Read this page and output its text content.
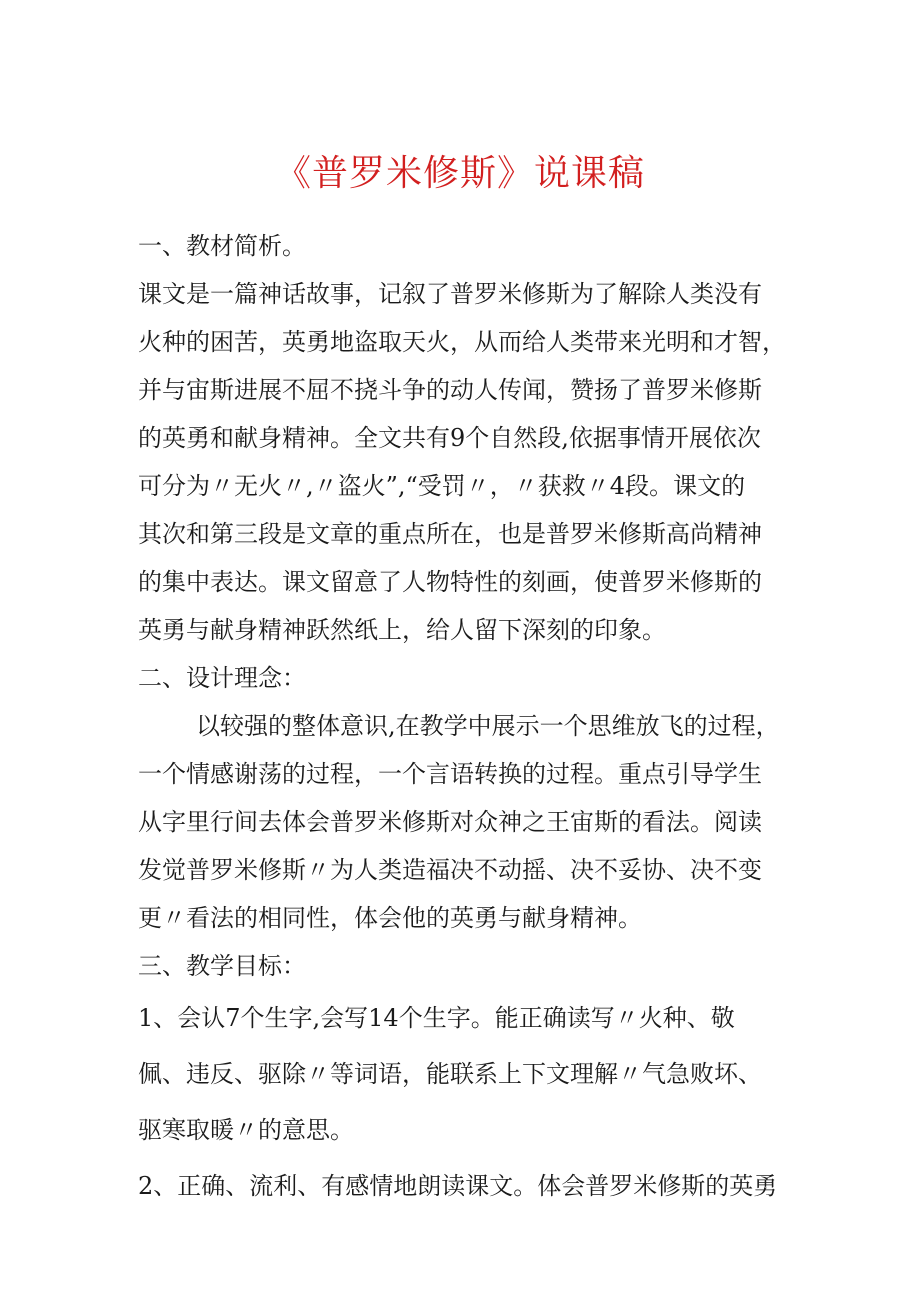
《普罗米修斯》说课稿
一、教材简析。
课文是一篇神话故事，记叙了普罗米修斯为了解除人类没有
火种的困苦，英勇地盗取天火，从而给人类带来光明和才智，
并与宙斯进展不屈不挠斗争的动人传闻，赞扬了普罗米修斯
的英勇和献身精神。全文共有9个自然段,依据事情开展依次
可分为〃无火〃,〃盗火”,“受罚〃，〃获救〃4段。课文的
其次和第三段是文章的重点所在，也是普罗米修斯高尚精神
的集中表达。课文留意了人物特性的刻画，使普罗米修斯的
英勇与献身精神跃然纸上，给人留下深刻的印象。
二、设计理念：
以较强的整体意识,在教学中展示一个思维放飞的过程，
一个情感谢荡的过程，一个言语转换的过程。重点引导学生
从字里行间去体会普罗米修斯对众神之王宙斯的看法。阅读
发觉普罗米修斯〃为人类造福决不动摇、决不妥协、决不变
更〃看法的相同性，体会他的英勇与献身精神。
三、教学目标：
1、会认7个生字,会写14个生字。能正确读写〃火种、敬
佩、违反、驱除〃等词语，能联系上下文理解〃气急败坏、
驱寒取暖〃的意思。
2、正确、流利、有感情地朗读课文。体会普罗米修斯的英勇
